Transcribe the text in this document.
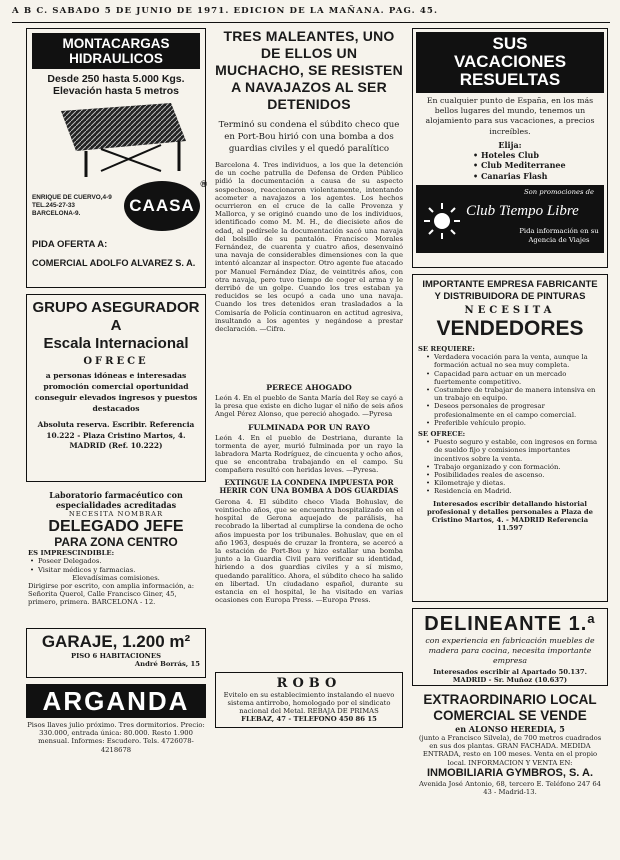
A B C. SABADO 5 DE JUNIO DE 1971. EDICION DE LA MAÑANA. PAG. 45.
MONTACARGAS
HIDRAULICOS
Desde 250 hasta 5.000 Kgs.
Elevación hasta 5 metros
ENRIQUE DE CUERVO,4-9
TEL.245-27-33
BARCELONA-9.	CAASA
®
PIDA OFERTA A:
COMERCIAL ADOLFO ALVAREZ S. A.
GRUPO ASEGURADOR A
Escala Internacional
OFRECE

a personas idóneas e interesadas promoción comercial oportunidad conseguir elevados ingresos y puestos destacados

Absoluta reserva. Escribir. Referencia 10.222 - Plaza Cristino Martos, 4. MADRID (Ref. 10.222)

Laboratorio farmacéutico con especialidades acreditadas

NECESITA NOMBRAR
DELEGADO JEFE
PARA ZONA CENTRO
ES IMPRESCINDIBLE:
• Poseer Delegados.
• Visitar médicos y farmacias.
Elevadísimas comisiones.

Dirigirse por escrito, con amplia información, a: Señorita Querol, Calle Francisco Giner, 45, primero, primera. BARCELONA - 12.

GARAJE, 1.200 m²
PISO 6 HABITACIONES
André Borrás, 15
ARGANDA

Pisos llaves julio próximo. Tres dormitorios. Precio: 330.000, entrada única: 80.000. Resto 1.900 mensual. Informes: Escudero. Tels. 4726078-4218678

TRES MALEANTES, UNO DE ELLOS UN MUCHACHO, SE RESISTEN A NAVAJAZOS AL SER DETENIDOS

Terminó su condena el súbdito checo que en Port-Bou hirió con una bomba a dos guardias civiles y el quedó paralítico

Barcelona 4. Tres individuos, a los que la detención de un coche patrulla de Defensa de Orden Público pidió la documentación a causa de su aspecto sospechoso, reaccionaron violentamente, intentando acometer a navajazos a los agentes. Los hechos ocurrieron en el cruce de la calle Provenza y Mallorca, y se originó cuando uno de los individuos, identificado como M. M. H., de diecisiete años de edad, al pedírsele la documentación sacó una navaja del bolsillo de su pantalón. Francisco Morales Fernández, de cuarenta y cuatro años, desenvainó una navaja de considerables dimensiones con la que intentó alcanzar al inspector. Otro agente fue atacado por Manuel Fernández Díaz, de veintitrés años, con otra navaja, pero tuvo tiempo de coger el arma y le derribó de un golpe. Cuando los tres estaban ya reducidos se les ocupó a cada uno una navaja. Cuando los tres detenidos eran trasladados a la Comisaría de Policía continuaron en actitud agresiva, insultando a los agentes y negándose a prestar declaración. —Cifra.

PERECE AHOGADO

León 4. En el pueblo de Santa María del Rey se cayó a la presa que existe en dicho lugar el niño de seis años Angel Pérez Alonso, que pereció ahogado. —Pyresa

FULMINADA POR UN RAYO

León 4. En el pueblo de Destriana, durante la tormenta de ayer, murió fulminada por un rayo la labradora Marta Rodríguez, de cincuenta y ocho años, que se encontraba trabajando en el campo. Su compañera resultó con heridas leves. —Pyresa.

EXTINGUE LA CONDENA IMPUESTA POR HERIR CON UNA BOMBA A DOS GUARDIAS

Gerona 4. El súbdito checo Vlada Bohuslav, de veintiocho años, que se encuentra hospitalizado en el hospital de Gerona aquejado de parálisis, ha recobrado la libertad al cumplirse la condena de ocho años impuesta por los tribunales. Bohuslav, que en el año 1963, después de cruzar la frontera, se acercó a la estación de Port-Bou y hizo estallar una bomba junto a la Guardia Civil para verificar su identidad, hiriendo a dos guardias civiles y a sí mismo, quedando paralítico. Ahora, el súbdito checo ha salido en libertad. Un ciudadano español, durante su estancia en el hospital, le ha visitado en varias ocasiones con Europa Press. —Europa Press.

ROBO

Evitelo en su establecimiento instalando el nuevo sistema antirrobo, homologado por el sindicato nacional del Metal. REBAJA DE PRIMAS

FLEBAZ, 47 - TELEFONO 450 86 15
SUS
VACACIONES
RESUELTAS

En cualquier punto de España, en los más bellos lugares del mundo, tenemos un alojamiento para sus vacaciones, a precios increíbles.

Elija:
• Hoteles Club
• Club Mediterranee
• Canarias Flash
Son promociones de
Club Tiempo Libre
Pida información en su Agencia de Viajes

IMPORTANTE EMPRESA FABRICANTE Y DISTRIBUIDORA DE PINTURAS

NECESITA
VENDEDORES
SE REQUIERE:
• Verdadera vocación para la venta, aunque la formación actual no sea muy completa.
• Capacidad para actuar en un mercado fuertemente competitivo.
• Costumbre de trabajar de manera intensiva en un trabajo en equipo.
• Deseos personales de progresar profesionalmente en el campo comercial.
• Preferible vehículo propio.
SE OFRECE:
• Puesto seguro y estable, con ingresos en forma de sueldo fijo y comisiones importantes incentivos sobre la venta.
• Trabajo organizado y con formación.
• Posibilidades reales de ascenso.
• Kilometraje y dietas.
• Residencia en Madrid.

Interesados escribir detallando historial profesional y detalles personales a Plaza de Cristino Martos, 4. - MADRID Referencia 11.597

DELINEANTE 1.ª

con experiencia en fabricación muebles de madera para cocina, necesita importante empresa

Interesados escribir al Apartado 50.137. MADRID - Sr. Muñoz (10.637)

EXTRAORDINARIO LOCAL
COMERCIAL SE VENDE
en ALONSO HEREDIA, 5

(junto a Francisco Silvela), de 700 metros cuadrados en sus dos plantas. GRAN FACHADA. MEDIDA ENTRADA, resto en 100 meses. Venta en el propio local. INFORMACION Y VENTA EN:

INMOBILIARIA GYMBROS, S. A.

Avenida José Antonio, 68, tercero E. Teléfono 247 64 43 - Madrid-13.
